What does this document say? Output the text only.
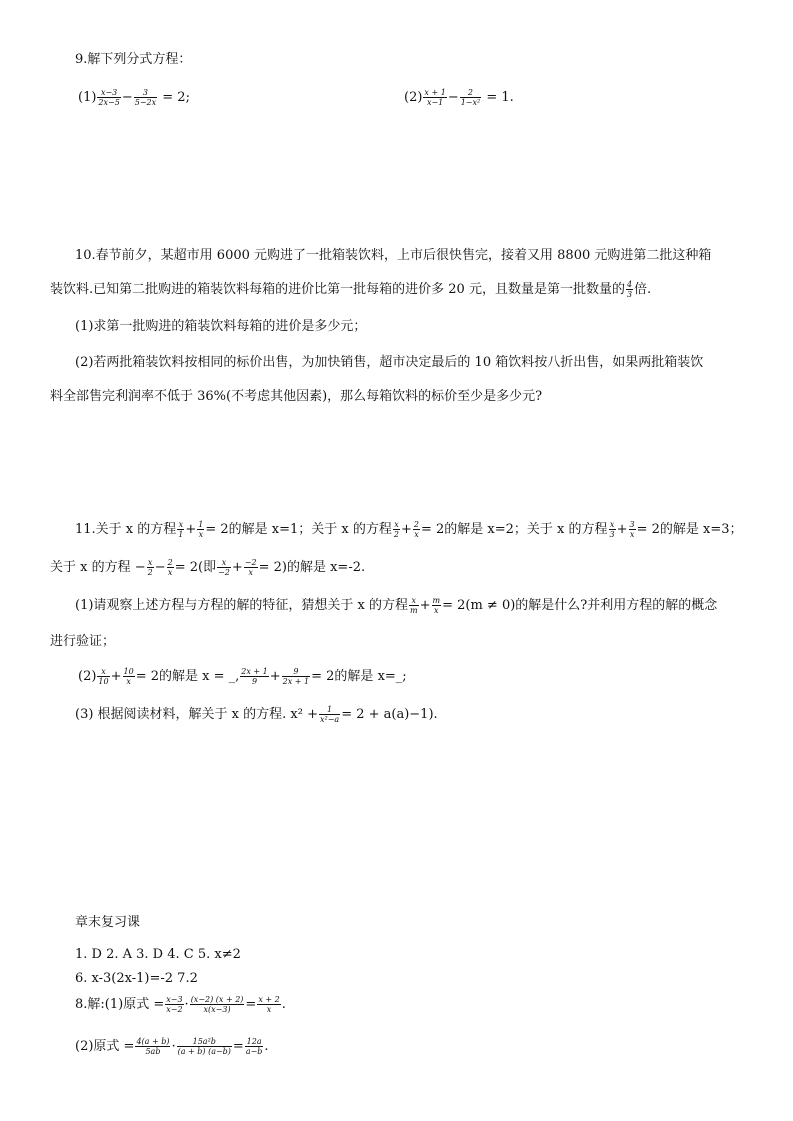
9.解下列分式方程：
$(1) \frac{x-3}{2x-5} - \frac{3}{5-2x} = 2$;	$(2) \frac{x + 1}{x-1} - \frac{2}{\text{1−x²}} = 1$.
10.春节前夕，某超市用 6000 元购进了一批箱装饮料，上市后很快售完，接着又用 8800 元购进第二批这种箱
装饮料.已知第二批购进的箱装饮料每箱的进价比第一批每箱的进价多 20 元，且数量是第一批数量的 $\frac{4}{3}$ 倍.
(1)求第一批购进的箱装饮料每箱的进价是多少元；
(2)若两批箱装饮料按相同的标价出售，为加快销售，超市决定最后的 10 箱饮料按八折出售，如果两批箱装饮
料全部售完利润率不低于 36%(不考虑其他因素)，那么每箱饮料的标价至少是多少元?
11.关于 x 的方程 $\frac{x}{1} + \frac{1}{x} = 2$的解是 x=1；关于 x 的方程 $\frac{x}{2} + \frac{2}{x} = 2$的解是 x=2；关于 x 的方程 $\frac{x}{3} + \frac{3}{x} = 2$的解是 x=3；
关于 x 的方程 − $\frac{x}{2} - \frac{2}{x} = 2$(即 $\frac{x}{-2} + \frac{-2}{x} = 2$)的解是 x=-2.
(1)请观察上述方程与方程的解的特征，猜想关于 x 的方程 $\frac{x}{m} + \frac{m}{x} = 2(m \ne 0)$的解是什么?并利用方程的解的概念
进行验证；
$(2) \frac{x}{10} + \frac{10}{x} = 2$的解是 x = _, $\frac{2x + 1}{9} + \frac{9}{2x + 1} = 2$的解是 x=_;
(3) 根据阅读材料，解关于 x 的方程. $x^2 + \frac{1}{\text{x²−a}} = 2 + a(a)-1$).
章末复习课
1. D 2. A 3. D 4. C 5. x≠2
6. x-3(2x-1)=-2 7.2
8.解:(1)原式 = $\frac{x-3}{x-2} \cdot \frac{(x-2) (x + 2)}{x(x-3)} = \frac{x + 2}{x}$ .
(2)原式 = $\frac{4(a + b)}{5ab} \cdot \frac{\text{15a²b}}{(a + b) (a-b)} = \frac{12a}{a-b}$ .
